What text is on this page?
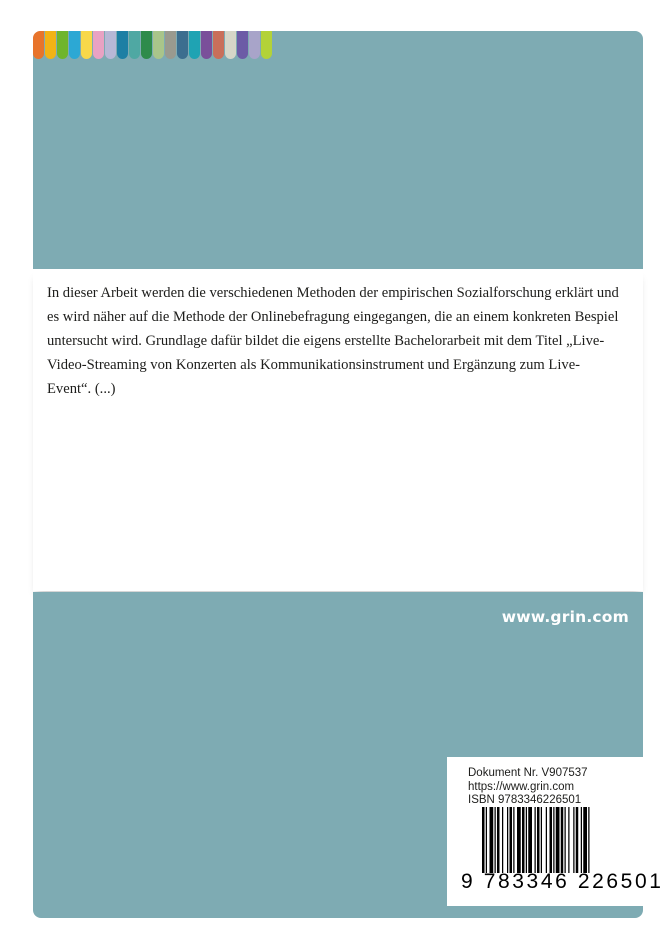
In dieser Arbeit werden die verschiedenen Methoden der empirischen Sozialforschung erklärt und es wird näher auf die Methode der Onlinebefragung eingegangen, die an einem konkreten Bespiel untersucht wird. Grundlage dafür bildet die eigens erstellte Bachelorarbeit mit dem Titel „Live-Video-Streaming von Konzerten als Kommunikationsinstrument und Ergänzung zum Live-Event“. (...)

www.grin.com
Dokument Nr. V907537
https://www.grin.com
ISBN 9783346226501
9 783346 226501
